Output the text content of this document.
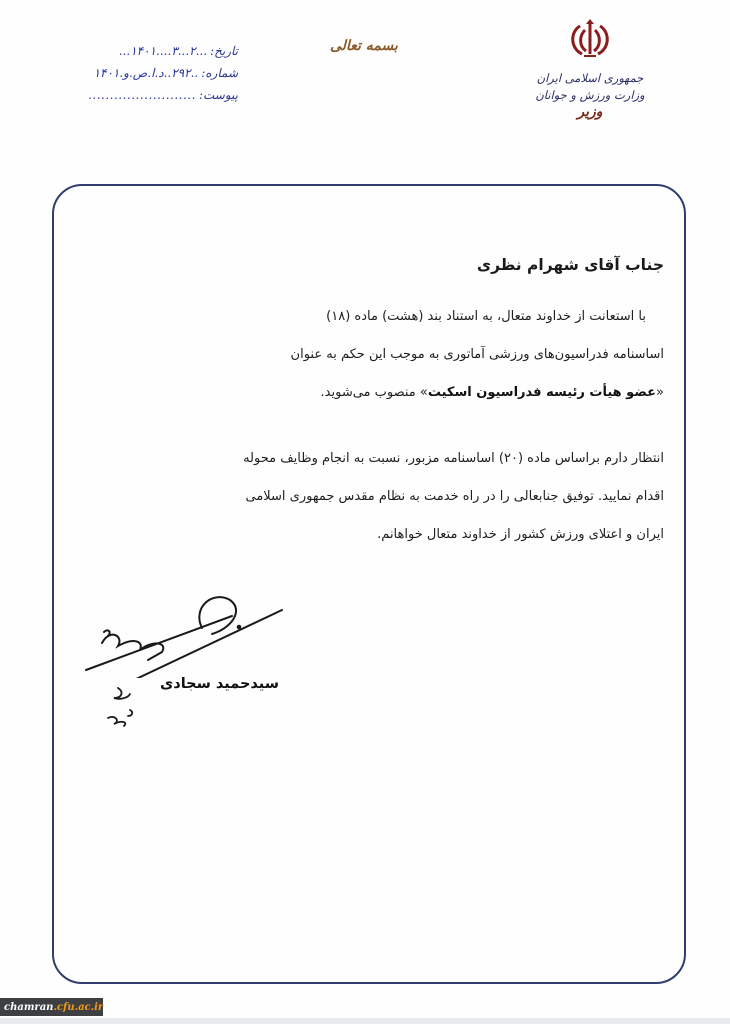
جمهوری اسلامی ایران
وزارت ورزش و جوانان
وزیر
بسمه تعالی
تاریخ:
...۲...۳....۱۴۰۱...
شماره:
..۲۹۲..د.ا.ص.و.۱۴۰۱
پیوست:
.........................
جناب آقای شهرام نظری
با استعانت از خداوند متعال، به استناد بند (هشت) ماده (۱۸)
اساسنامه فدراسیون‌های ورزشی آماتوری به موجب این حکم به عنوان
«عضو هیأت رئیسه فدراسیون اسکیت» منصوب می‌شوید.
انتظار دارم براساس ماده (۲۰) اساسنامه مزبور، نسبت به انجام وظایف محوله
اقدام نمایید. توفیق جنابعالی را در راه خدمت به نظام مقدس جمهوری اسلامی
ایران و اعتلای ورزش کشور از خداوند متعال خواهانم.
سیدحمید سجادی
chamran .cfu.ac.ir
